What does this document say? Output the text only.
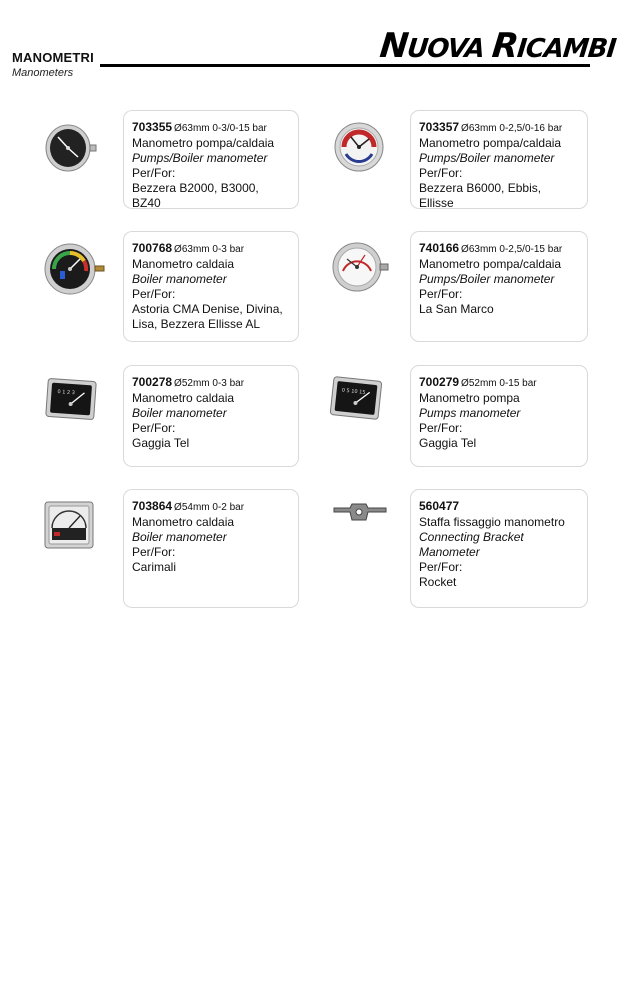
MANOMETRI
Manometers
NUOVA RICAMBI
703355 Ø63mm 0-3/0-15 bar
Manometro pompa/caldaia
Pumps/Boiler manometer
Per/For:
Bezzera B2000, B3000, BZ40
703357 Ø63mm 0-2,5/0-16 bar
Manometro pompa/caldaia
Pumps/Boiler manometer
Per/For:
Bezzera B6000, Ebbis, Ellisse
700768 Ø63mm 0-3 bar
Manometro caldaia
Boiler manometer
Per/For:
Astoria CMA Denise, Divina, Lisa, Bezzera Ellisse AL
740166 Ø63mm 0-2,5/0-15 bar
Manometro pompa/caldaia
Pumps/Boiler manometer
Per/For:
La San Marco
0 1 2 3
700278 Ø52mm 0-3 bar
Manometro caldaia
Boiler manometer
Per/For:
Gaggia Tel
0 5 10 15
700279 Ø52mm 0-15 bar
Manometro pompa
Pumps manometer
Per/For:
Gaggia Tel
703864 Ø54mm 0-2 bar
Manometro caldaia
Boiler manometer
Per/For:
Carimali
560477
Staffa fissaggio manometro
Connecting Bracket Manometer
Per/For:
Rocket
